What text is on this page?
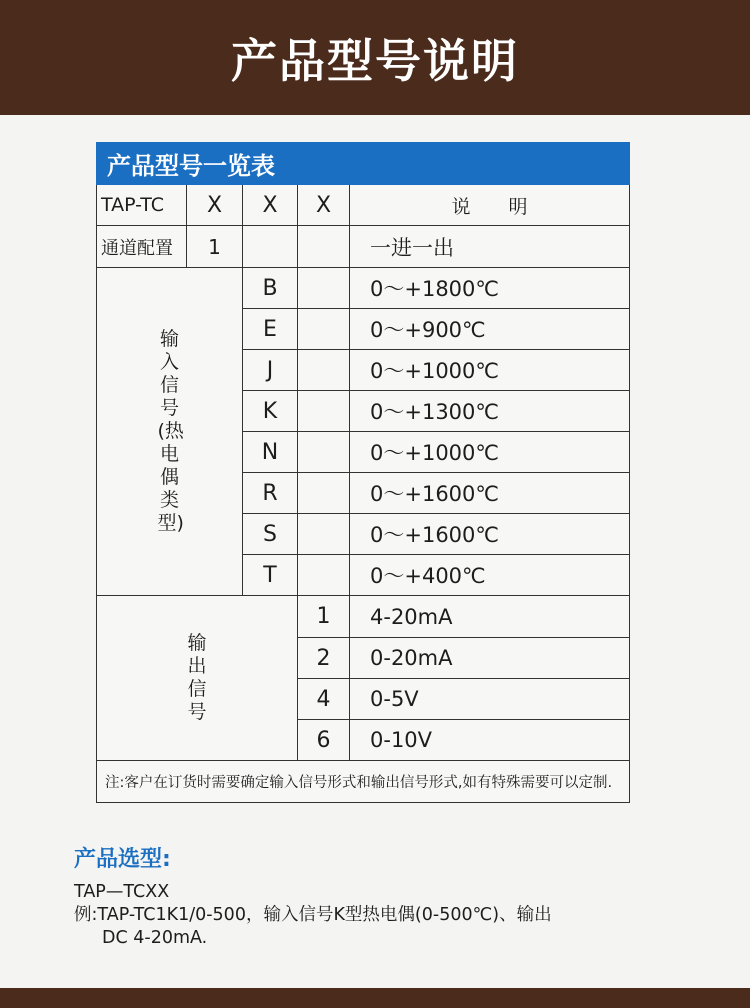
产品型号说明
产品型号一览表				
TAP-TC	X	X	X	说　　明
通道配置	1			一进一出
输入信号(热电偶类型)		B		0～+1800℃
		E		0～+900℃
		J		0～+1000℃
		K		0～+1300℃
		N		0～+1000℃
		R		0～+1600℃
		S		0～+1600℃
		T		0～+400℃
输出信号			1	4-20mA
			2	0-20mA
			4	0-5V
			6	0-10V
注:客户在订货时需要确定输入信号形式和输出信号形式,如有特殊需要可以定制.				
产品选型:

TAP—TCXX

例:TAP-TC1K1/0-500，输入信号K型热电偶(0-500℃)、输出

DC 4-20mA.
